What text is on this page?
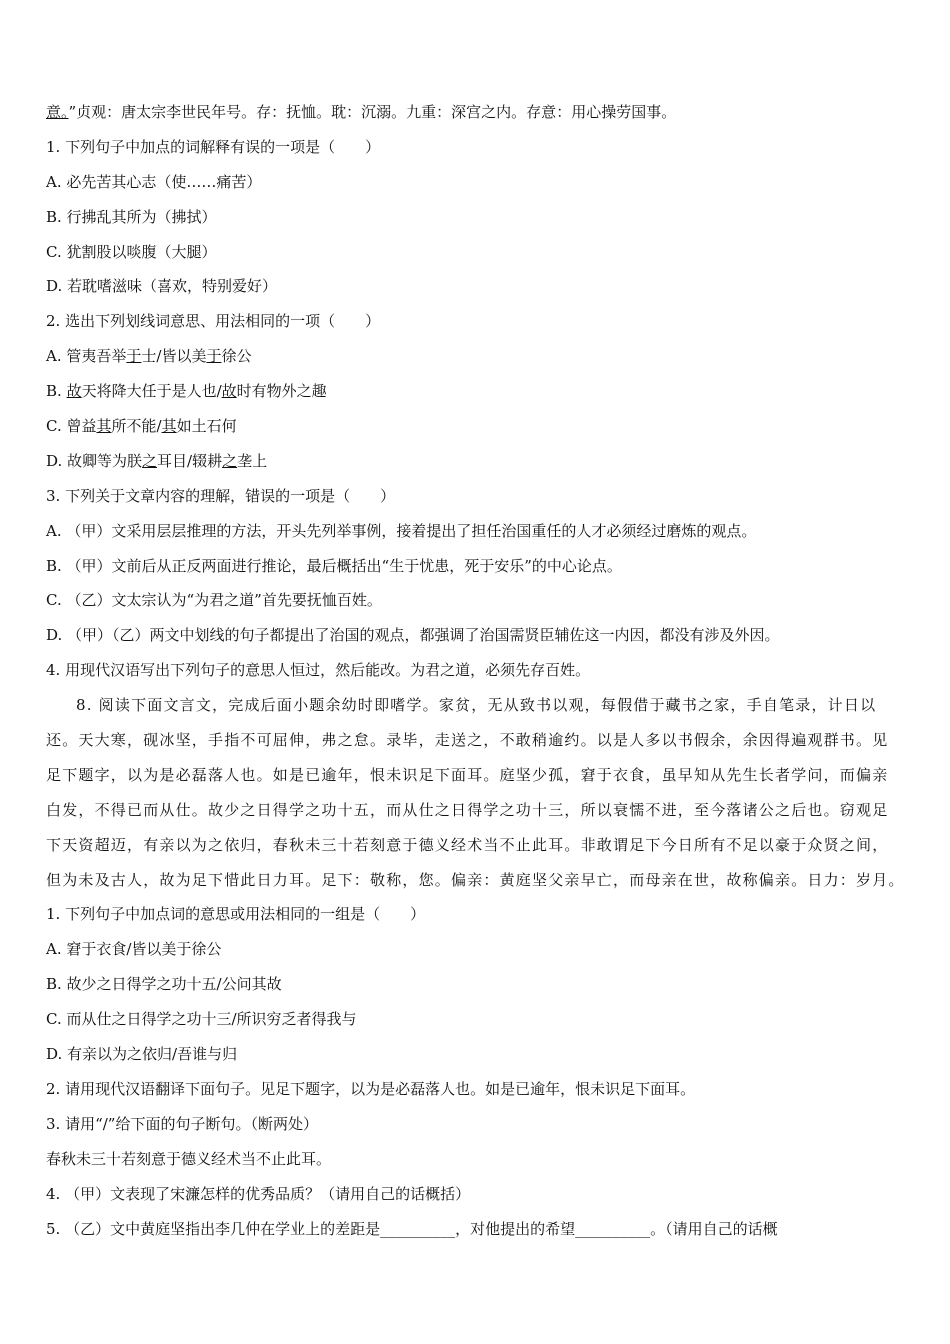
意。”贞观：唐太宗李世民年号。存：抚恤。耽：沉溺。九重：深宫之内。存意：用心操劳国事。
1. 下列句子中加点的词解释有误的一项是（　　）
A. 必先苦其心志（使……痛苦）
B. 行拂乱其所为（拂拭）
C. 犹割股以啖腹（大腿）
D. 若耽嗜滋味（喜欢，特别爱好）
2. 选出下列划线词意思、用法相同的一项（　　）
A. 管夷吾举于士/皆以美于徐公
B. 故天将降大任于是人也/故时有物外之趣
C. 曾益其所不能/其如土石何
D. 故卿等为朕之耳目/辍耕之垄上
3. 下列关于文章内容的理解，错误的一项是（　　）
A. （甲）文采用层层推理的方法，开头先列举事例，接着提出了担任治国重任的人才必须经过磨炼的观点。
B. （甲）文前后从正反两面进行推论，最后概括出“生于忧患，死于安乐”的中心论点。
C. （乙）文太宗认为“为君之道”首先要抚恤百姓。
D. （甲）（乙）两文中划线的句子都提出了治国的观点，都强调了治国需贤臣辅佐这一内因，都没有涉及外因。
4. 用现代汉语写出下列句子的意思人恒过，然后能改。为君之道，必须先存百姓。
8. 阅读下面文言文，完成后面小题余幼时即嗜学。家贫，无从致书以观，每假借于藏书之家，手自笔录，计日以
还。天大寒，砚冰坚，手指不可屈伸，弗之怠。录毕，走送之，不敢稍逾约。以是人多以书假余，余因得遍观群书。见
足下题字，以为是必磊落人也。如是已逾年，恨未识足下面耳。庭坚少孤，窘于衣食，虽早知从先生长者学问，而偏亲
白发，不得已而从仕。故少之日得学之功十五，而从仕之日得学之功十三，所以衰懦不进，至今落诸公之后也。窃观足
下天资超迈，有亲以为之依归，春秋未三十若刻意于德义经术当不止此耳。非敢谓足下今日所有不足以豪于众贤之间，
但为未及古人，故为足下惜此日力耳。足下：敬称，您。偏亲：黄庭坚父亲早亡，而母亲在世，故称偏亲。日力：岁月。
1. 下列句子中加点词的意思或用法相同的一组是（　　）
A. 窘于衣食/皆以美于徐公
B. 故少之日得学之功十五/公问其故
C. 而从仕之日得学之功十三/所识穷乏者得我与
D. 有亲以为之依归/吾谁与归
2. 请用现代汉语翻译下面句子。见足下题字，以为是必磊落人也。如是已逾年，恨未识足下面耳。
3. 请用“/”给下面的句子断句。（断两处）
春秋未三十若刻意于德义经术当不止此耳。
4. （甲）文表现了宋濂怎样的优秀品质？（请用自己的话概括）
5. （乙）文中黄庭坚指出李几仲在学业上的差距是__________，对他提出的希望__________。（请用自己的话概
